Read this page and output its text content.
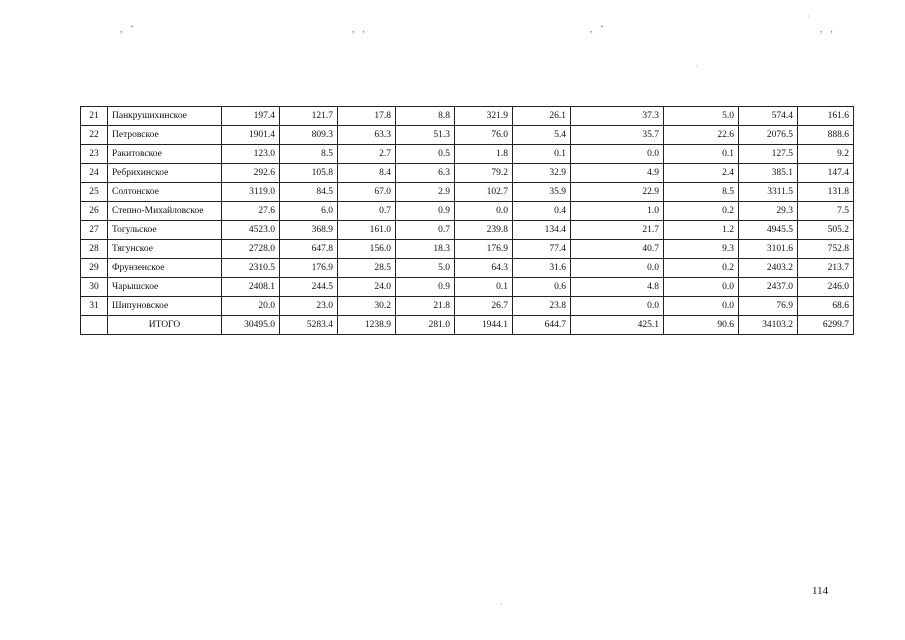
, ˇ	, ,	, ˇ	, ,
·
·
·
21	Панкрушихинское	197.4	121.7	17.8	8.8	321.9	26.1	37.3	5.0	574.4	161.6
22	Петровское	1901.4	809.3	63.3	51.3	76.0	5.4	35.7	22.6	2076.5	888.6
23	Ракитовское	123.0	8.5	2.7	0.5	1.8	0.1	0.0	0.1	127.5	9.2
24	Ребрихинское	292.6	105.8	8.4	6.3	79.2	32.9	4.9	2.4	385.1	147.4
25	Солтонское	3119.0	84.5	67.0	2.9	102.7	35.9	22.9	8.5	3311.5	131.8
26	Степно-Михайловское	27.6	6.0	0.7	0.9	0.0	0.4	1.0	0.2	29.3	7.5
27	Тогульское	4523.0	368.9	161.0	0.7	239.8	134.4	21.7	1.2	4945.5	505.2
28	Тягунское	2728.0	647.8	156.0	18.3	176.9	77.4	40.7	9.3	3101.6	752.8
29	Фрунзенское	2310.5	176.9	28.5	5.0	64.3	31.6	0.0	0.2	2403.2	213.7
30	Чарышское	2408.1	244.5	24.0	0.9	0.1	0.6	4.8	0.0	2437.0	246.0
31	Шипуновское	20.0	23.0	30.2	21.8	26.7	23.8	0.0	0.0	76.9	68.6
	ИТОГО	30495.0	5283.4	1238.9	281.0	1944.1	644.7	425.1	90.6	34103.2	6299.7
114
